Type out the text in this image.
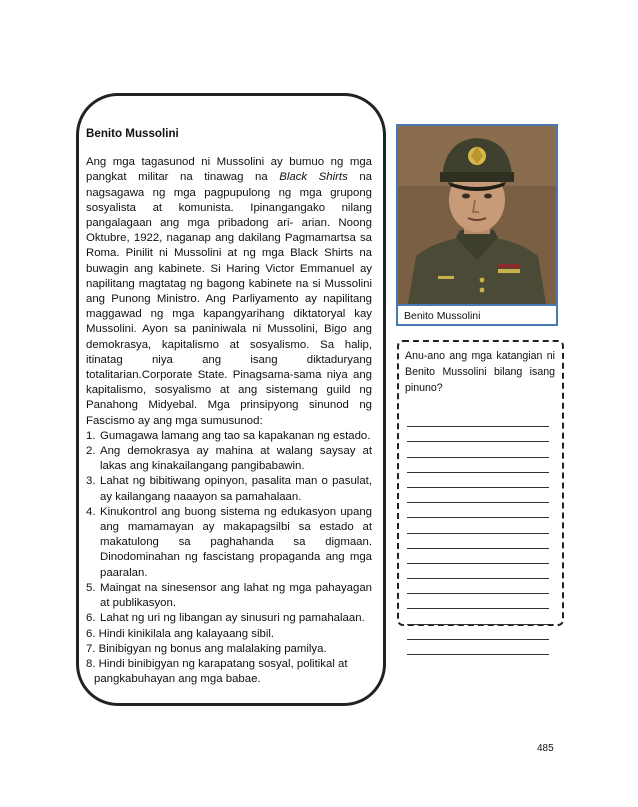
Benito Mussolini

Ang mga tagasunod ni Mussolini ay bumuo ng mga pangkat militar na tinawag na Black Shirts na nagsagawa ng mga pagpupulong ng mga grupong sosyalista at komunista. Ipinangangako nilang pangalagaan ang mga pribadong ari- arian. Noong Oktubre, 1922, naganap ang dakilang Pagmamartsa sa Roma. Pinilit ni Mussolini at ng mga Black Shirts na buwagin ang kabinete. Si Haring Victor Emmanuel ay napilitang magtatag ng bagong kabinete na si Mussolini ang Punong Ministro. Ang Parliyamento ay napilitang maggawad ng mga kapangyarihang diktatoryal kay Mussolini. Ayon sa paniniwala ni Mussolini, Bigo ang demokrasya, kapitalismo at sosyalismo. Sa halip, itinatag niya ang isang diktaduryang totalitarian.Corporate State. Pinagsama-sama niya ang kapitalismo, sosyalismo at ang sistemang guild ng Panahong Midyebal. Mga prinsipyong sinunod ng Fascismo ay ang mga sumusunod:

1. Gumagawa lamang ang tao sa kapakanan ng estado.
2. Ang demokrasya ay mahina at walang saysay at lakas ang kinakailangang pangibabawin.
3. Lahat ng bibitiwang opinyon, pasalita man o pasulat, ay kailangang naaayon sa pamahalaan.
4. Kinukontrol ang buong sistema ng edukasyon upang ang mamamayan ay makapagsilbi sa estado at makatulong sa paghahanda sa digmaan. Dinodominahan ng fascistang propaganda ang mga paaralan.
5. Maingat na sinesensor ang lahat ng mga pahayagan at publikasyon.
6. Lahat ng uri ng libangan ay sinusuri ng pamahalaan.
6. Hindi kinikilala ang kalayaang sibil.
7. Binibigyan ng bonus ang malalaking pamilya.
8. Hindi binibigyan ng karapatang sosyal, politikal at
pangkabuhayan ang mga babae.
Benito Mussolini
Anu-ano ang mga katangian ni Benito Mussolini bilang isang pinuno?
485
